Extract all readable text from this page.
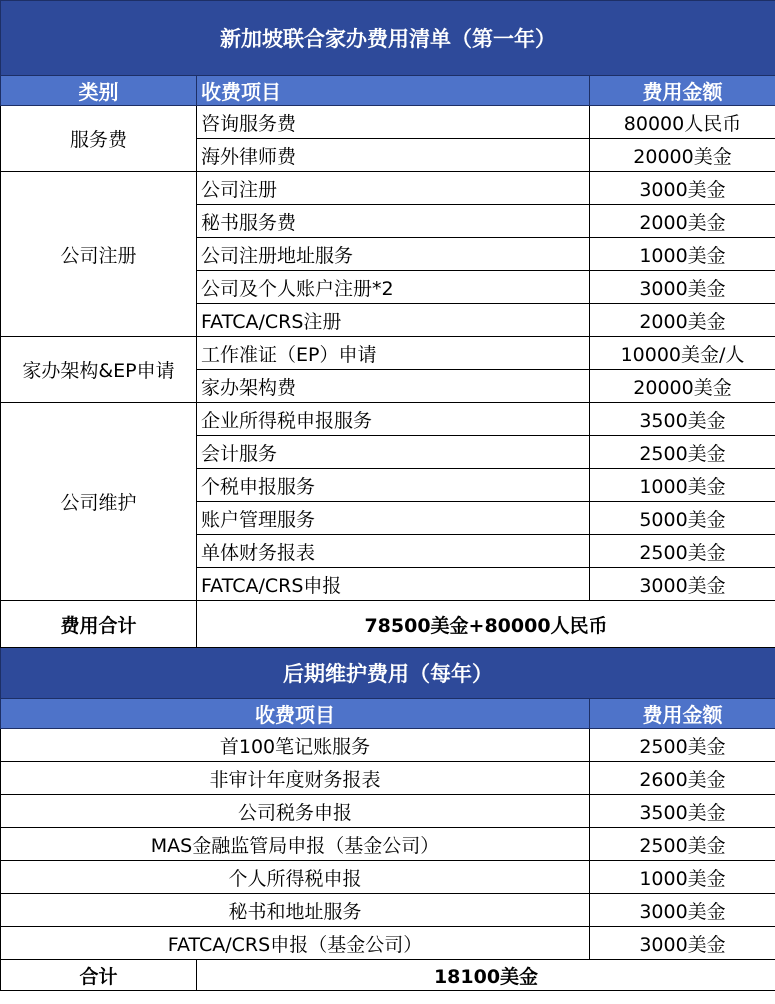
新加坡联合家办费用清单（第一年）		
类别	收费项目	费用金额
服务费	咨询服务费	80000人民币
	海外律师费	20000美金
公司注册	公司注册	3000美金
	秘书服务费	2000美金
	公司注册地址服务	1000美金
	公司及个人账户注册*2	3000美金
	FATCA/CRS注册	2000美金
家办架构&EP申请	工作准证（EP）申请	10000美金/人
	家办架构费	20000美金
公司维护	企业所得税申报服务	3500美金
	会计服务	2500美金
	个税申报服务	1000美金
	账户管理服务	5000美金
	单体财务报表	2500美金
	FATCA/CRS申报	3000美金
费用合计	78500美金+80000人民币	
后期维护费用（每年）		
收费项目		费用金额
首100笔记账服务		2500美金
非审计年度财务报表		2600美金
公司税务申报		3500美金
MAS金融监管局申报（基金公司）		2500美金
个人所得税申报		1000美金
秘书和地址服务		3000美金
FATCA/CRS申报（基金公司）		3000美金
合计	18100美金	
